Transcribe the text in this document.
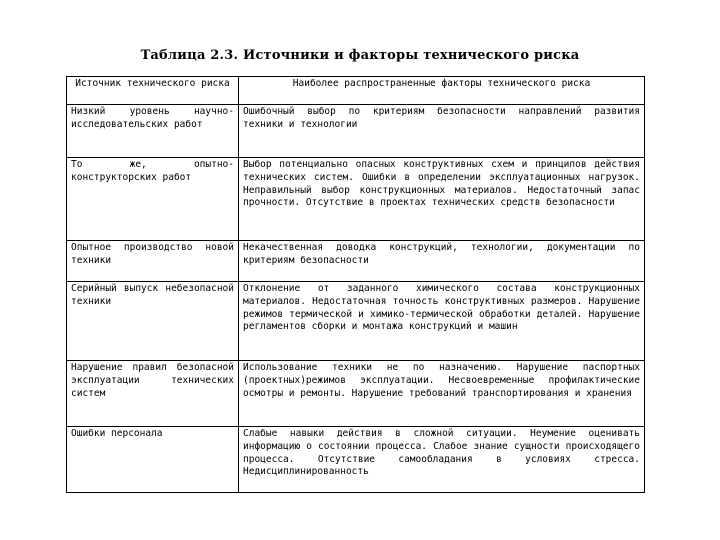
Таблица 2.3. Источники и факторы технического риска
Источник технического риска	Наиболее распространенные факторы технического риска
Низкий уровень научно-исследовательских работ	Ошибочный выбор по критериям безопасности направлений развития техники и технологии
То же, опытно-конструкторских работ	Выбор потенциально опасных конструктивных схем и принципов действия технических систем. Ошибки в определении эксплуатационных нагрузок. Неправильный выбор конструкционных материалов. Недостаточный запас прочности. Отсутствие в проектах технических средств безопасности
Опытное производство новой техники	Некачественная доводка конструкций, технологии, документации по критериям безопасности
Серийный выпуск небезопасной техники	Отклонение от заданного химического состава конструкционных материалов. Недостаточная точность конструктивных размеров. Нарушение режимов термической и химико-термической обработки деталей. Нарушение регламентов сборки и монтажа конструкций и машин
Нарушение правил безопасной эксплуатации технических систем	Использование техники не по назначению. Нарушение паспортных (проектных)режимов эксплуатации. Несвоевременные профилактические осмотры и ремонты. Нарушение требований транспортирования и хранения
Ошибки персонала	Слабые навыки действия в сложной ситуации. Неумение оценивать информацию о состоянии процесса. Слабое знание сущности происходящего процесса. Отсутствие самообладания в условиях стресса. Недисциплинированность
